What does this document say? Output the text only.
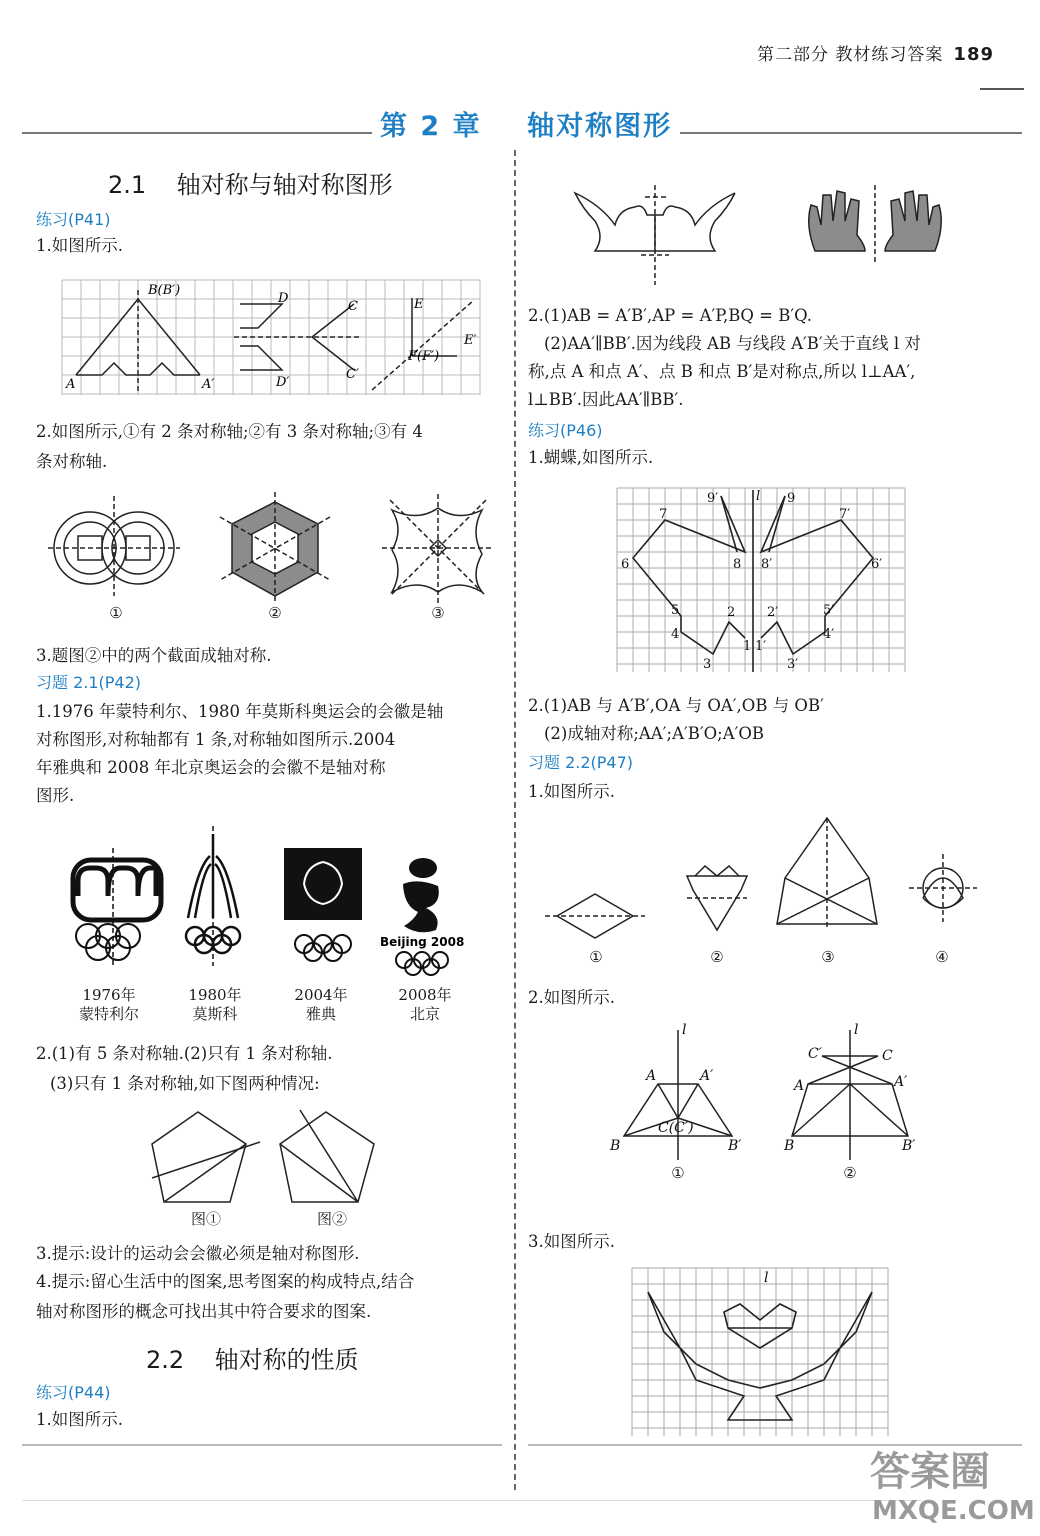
第二部分 教材练习答案 189
第 2 章    轴对称图形
2.1    轴对称与轴对称图形
练习(P41)
1.如图所示.
A
B(B′)
A′
D
D′
C
C′
E
E′
F(F′)
2.如图所示,①有 2 条对称轴;②有 3 条对称轴;③有 4
条对称轴.
①	②	③
3.题图②中的两个截面成轴对称.
习题 2.1(P42)
1.1976 年蒙特利尔、1980 年莫斯科奥运会的会徽是轴
对称图形,对称轴都有 1 条,对称轴如图所示.2004
年雅典和 2008 年北京奥运会的会徽不是轴对称
图形.
Beijing 2008
1976年
蒙特利尔
1980年
莫斯科
2004年
雅典
2008年
北京
2.(1)有 5 条对称轴.(2)只有 1 条对称轴.
(3)只有 1 条对称轴,如下图两种情况:
图①	图②
3.提示:设计的运动会会徽必须是轴对称图形.
4.提示:留心生活中的图案,思考图案的构成特点,结合
轴对称图形的概念可找出其中符合要求的图案.
2.2    轴对称的性质
练习(P44)
1.如图所示.
2.(1)AB = A′B′,AP = A′P,BQ = B′Q.
(2)AA′∥BB′.因为线段 AB 与线段 A′B′关于直线 l 对
称,点 A 和点 A′、点 B 和点 B′是对称点,所以 l⊥AA′,
l⊥BB′.因此AA′∥BB′.
练习(P46)
1.蝴蝶,如图所示.
l
9′	9
7	7′
6	6′
8 8′
5	5′
4	4′
2 2′
3	3′
1 1′
2.(1)AB 与 A′B′,OA 与 OA′,OB 与 OB′
(2)成轴对称;AA′;A′B′O;A′OB
习题 2.2(P47)
1.如图所示.
①	②	③	④
2.如图所示.
l
A	A′
B	B′
C(C′)
l
C′	C
A	A′
B	B′
①	②
3.如图所示.
l
答案圈
MXQE.COM
